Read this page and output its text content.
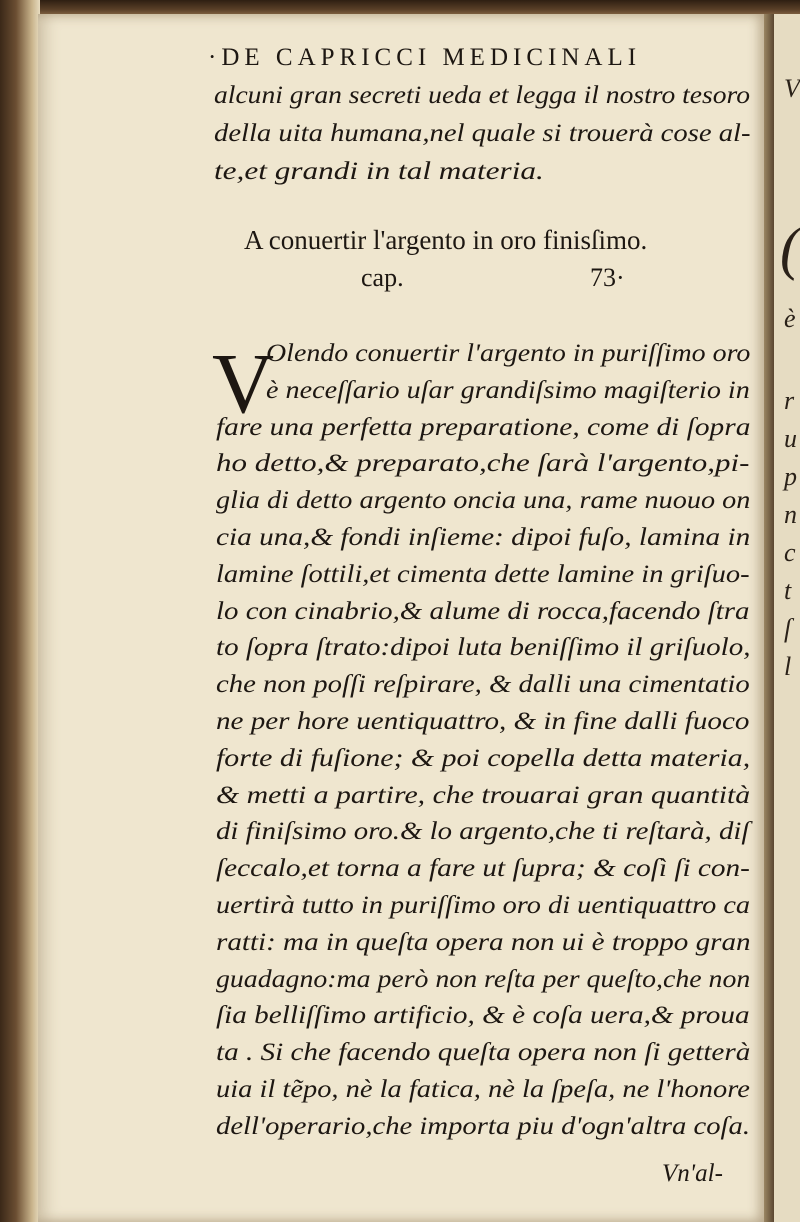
V
(
è
r
u
p
n
c
t
ſ
l
·DE CAPRICCI MEDICINALI
alcuni gran secreti ueda et legga il nostro tesoro
della uita humana,nel quale si trouerà cose al-
te,et grandi in tal materia.
A conuertir l'argento in oro finisſimo.
cap.	73·
V
Olendo conuertir l'argento in puriſſimo oro
è neceſſario uſar grandiſsimo magiſterio in
fare una perfetta preparatione, come di ſopra
ho detto,& preparato,che ſarà l'argento,pi-
glia di detto argento oncia una, rame nuouo on
cia una,& fondi inſieme: dipoi fuſo, lamina in
lamine ſottili,et cimenta dette lamine in griſuo-
lo con cinabrio,& alume di rocca,facendo ſtra
to ſopra ſtrato:dipoi luta beniſſimo il griſuolo,
che non poſſi reſpirare, & dalli una cimentatio
ne per hore uentiquattro, & in fine dalli fuoco
forte di fuſione; & poi copella detta materia,
& metti a partire, che trouarai gran quantità
di finiſsimo oro.& lo argento,che ti reſtarà, diſ
ſeccalo,et torna a fare ut ſupra; & coſì ſi con-
uertirà tutto in puriſſimo oro di uentiquattro ca
ratti: ma in queſta opera non ui è troppo gran
guadagno:ma però non reſta per queſto,che non
ſia belliſſimo artificio, & è coſa uera,& proua
ta . Si che facendo queſta opera non ſi getterà
uia il tẽpo, nè la fatica, nè la ſpeſa, ne l'honore
dell'operario,che importa piu d'ogn'altra coſa.
Vn'al-
